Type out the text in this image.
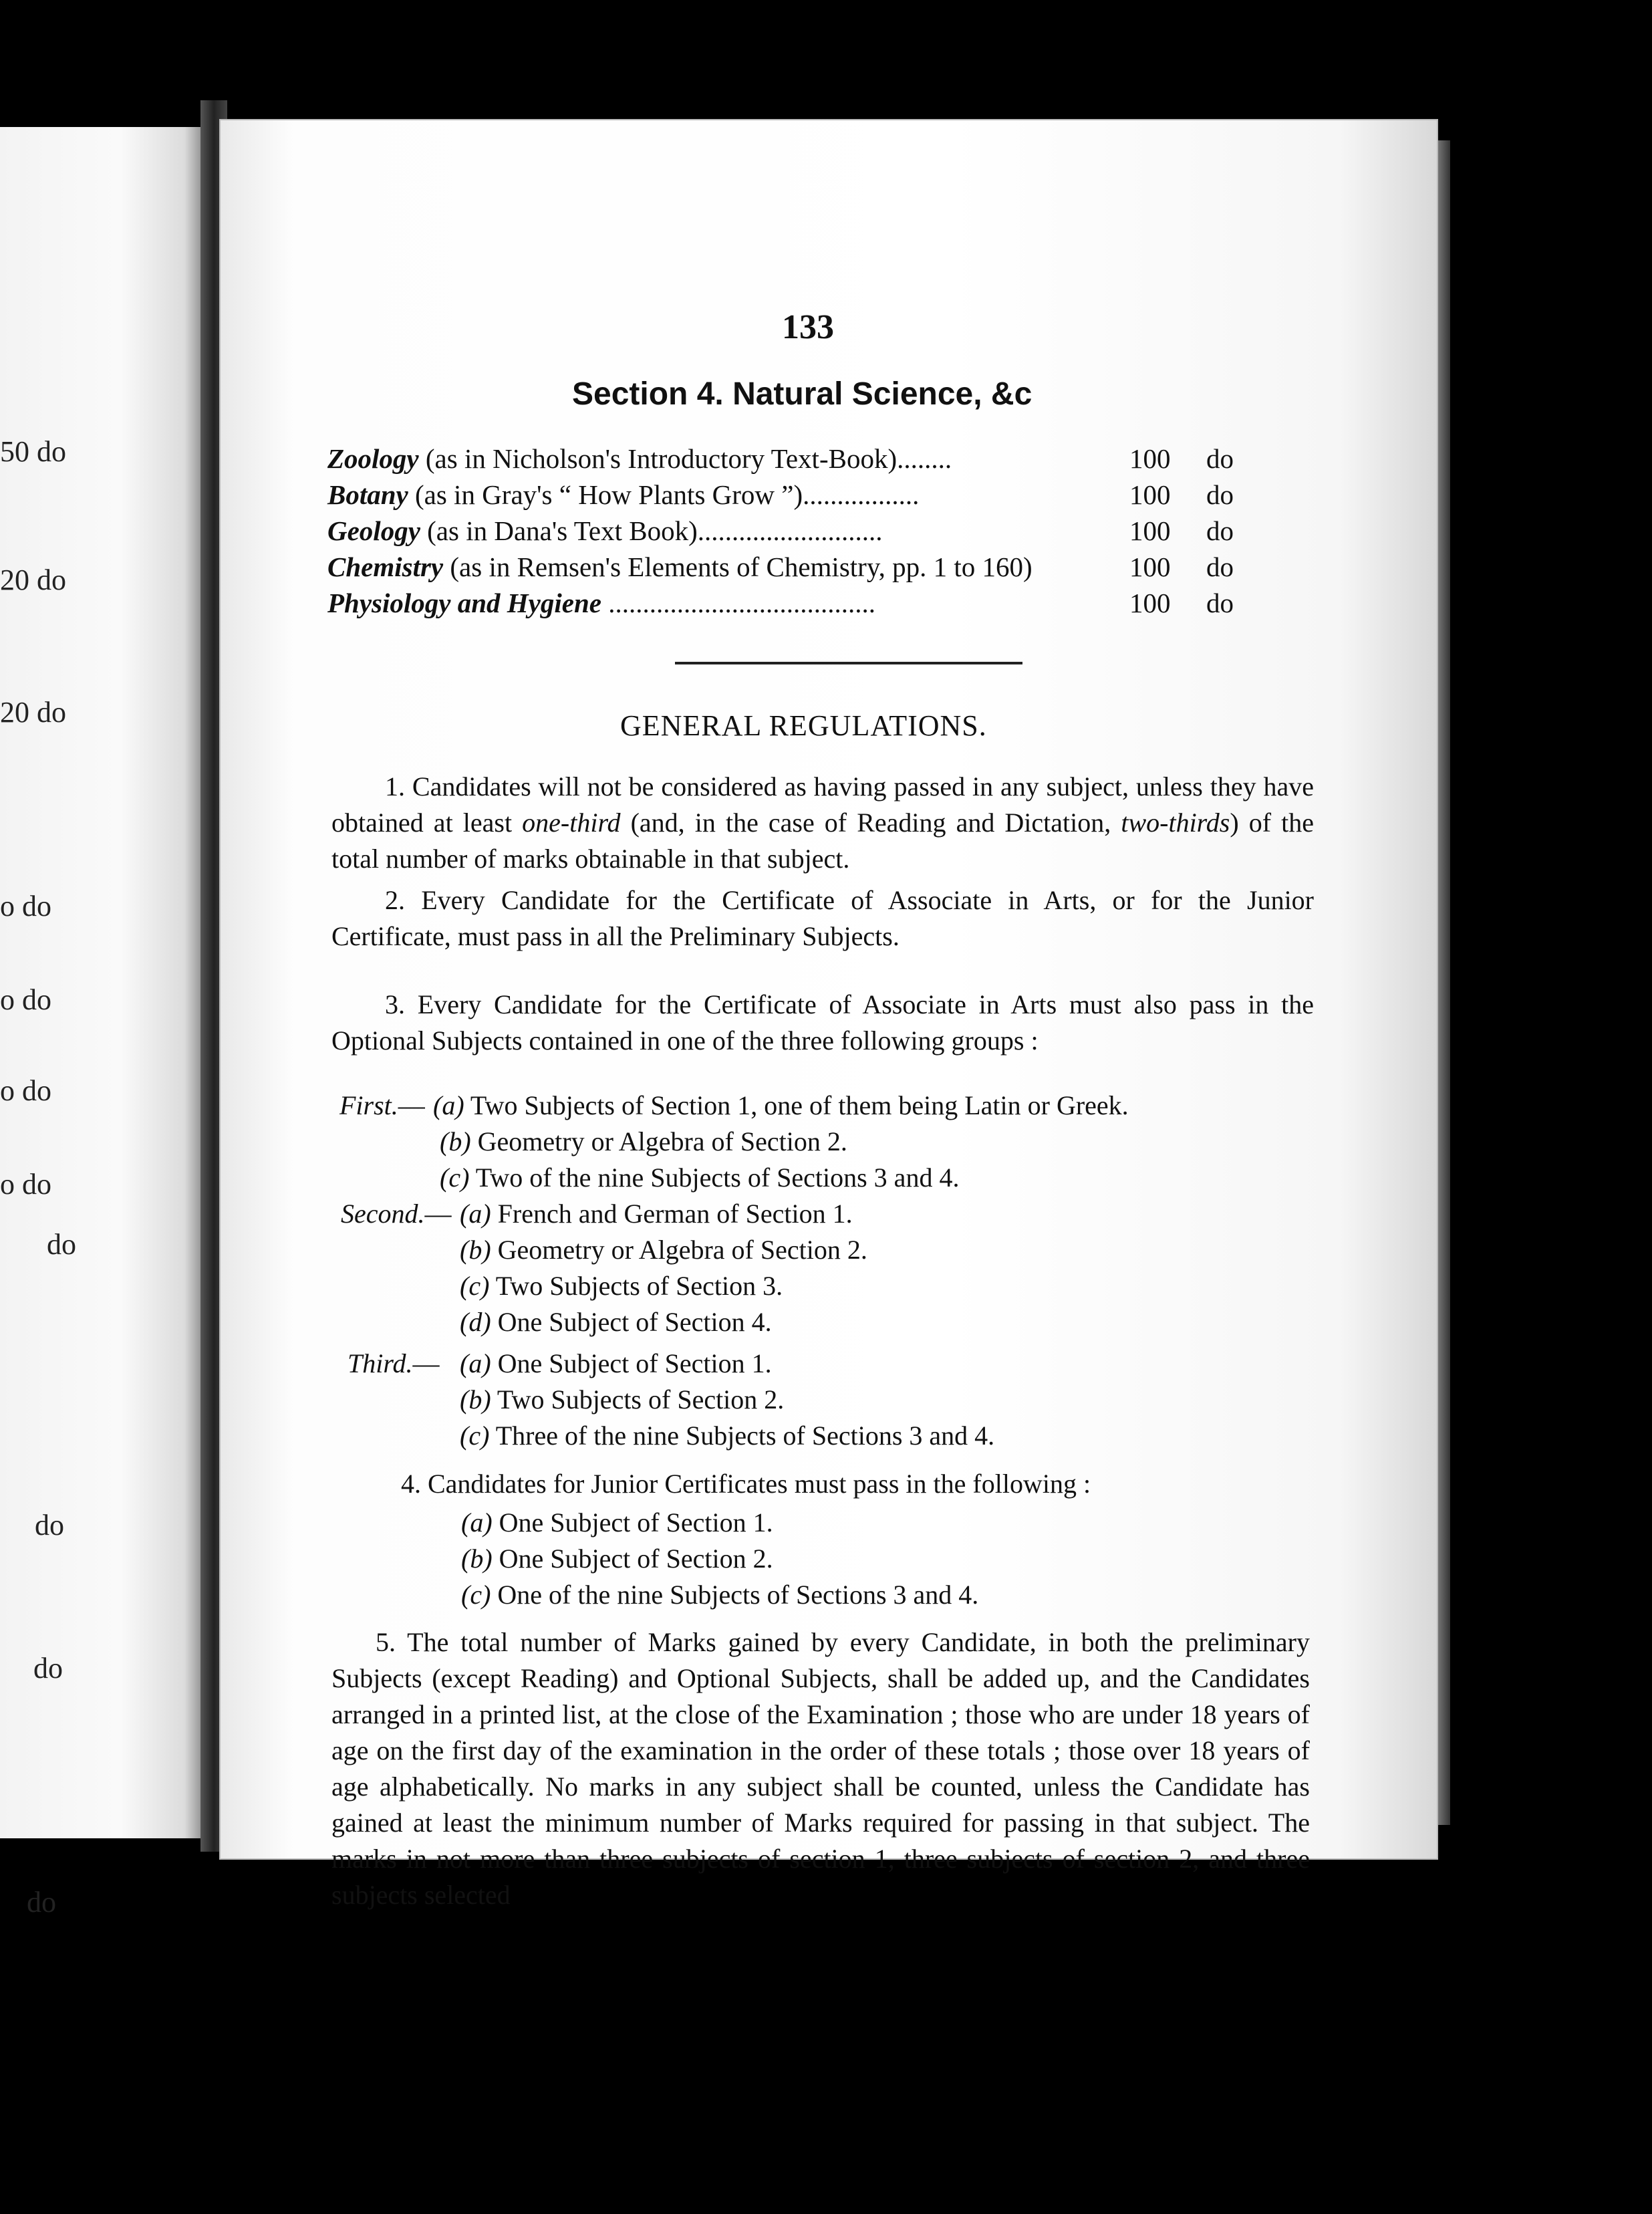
50 do
20 do
20 do
o do
o do
o do
o do
do
do
do
do
133
Section 4. Natural Science, &c
Zoology (as in Nicholson's Introductory Text-Book)........	100 do
Botany (as in Gray's “ How Plants Grow ”).................	100 do
Geology (as in Dana's Text Book)...........................	100 do
Chemistry (as in Remsen's Elements of Chemistry, pp. 1 to 160)	100 do
Physiology and Hygiene .......................................	100 do
GENERAL REGULATIONS.
1. Candidates will not be considered as having passed in any subject, unless they have obtained at least one-third (and, in the case of Reading and Dictation, two-thirds) of the total number of marks obtainable in that subject.
2. Every Candidate for the Certificate of Associate in Arts, or for the Junior Certificate, must pass in all the Preliminary Subjects.
3. Every Candidate for the Certificate of Associate in Arts must also pass in the Optional Subjects contained in one of the three following groups :
First.— (a) Two Subjects of Section 1, one of them being Latin or Greek.
(b) Geometry or Algebra of Section 2.
(c) Two of the nine Subjects of Sections 3 and 4.
Second.— (a) French and German of Section 1.
(b) Geometry or Algebra of Section 2.
(c) Two Subjects of Section 3.
(d) One Subject of Section 4.
Third.— (a) One Subject of Section 1.
(b) Two Subjects of Section 2.
(c) Three of the nine Subjects of Sections 3 and 4.
4. Candidates for Junior Certificates must pass in the following :
(a) One Subject of Section 1.
(b) One Subject of Section 2.
(c) One of the nine Subjects of Sections 3 and 4.
5. The total number of Marks gained by every Candidate, in both the preliminary Subjects (except Reading) and Optional Subjects, shall be added up, and the Candidates arranged in a printed list, at the close of the Examination ; those who are under 18 years of age on the first day of the examination in the order of these totals ; those over 18 years of age alphabetically. No marks in any subject shall be counted, unless the Candidate has gained at least the minimum number of Marks required for passing in that subject. The marks in not more than three subjects of section 1, three subjects of section 2, and three subjects selected
